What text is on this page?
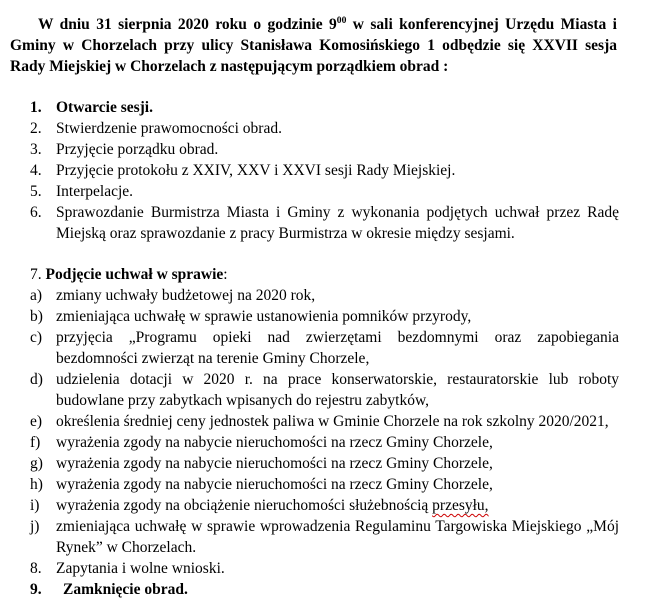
W dniu 31 sierpnia 2020 roku o godzinie $9^{00}$ w sali konferencyjnej Urzędu Miasta i Gminy w Chorzelach przy ulicy Stanisława Komosińskiego 1 odbędzie się XXVII sesja Rady Miejskiej w Chorzelach z następującym porządkiem obrad :

1. Otwarcie sesji.
2. Stwierdzenie prawomocności obrad.
3. Przyjęcie porządku obrad.
4. Przyjęcie protokołu z XXIV, XXV i XXVI sesji Rady Miejskiej.
5. Interpelacje.
6. Sprawozdanie Burmistrza Miasta i Gminy z wykonania podjętych uchwał przez Radę Miejską oraz sprawozdanie z pracy Burmistrza w okresie między sesjami.

7. Podjęcie uchwał w sprawie:

a) zmiany uchwały budżetowej na 2020 rok,
b) zmieniająca uchwałę w sprawie ustanowienia pomników przyrody,
c) przyjęcia „Programu opieki nad zwierzętami bezdomnymi oraz zapobiegania bezdomności zwierząt na terenie Gminy Chorzele,
d) udzielenia dotacji w 2020 r. na prace konserwatorskie, restauratorskie lub roboty budowlane przy zabytkach wpisanych do rejestru zabytków,
e) określenia średniej ceny jednostek paliwa w Gminie Chorzele na rok szkolny 2020/2021,
f)	wyrażenia zgody na nabycie nieruchomości na rzecz Gminy Chorzele,
g) wyrażenia zgody na nabycie nieruchomości na rzecz Gminy Chorzele,
h) wyrażenia zgody na nabycie nieruchomości na rzecz Gminy Chorzele,
i)	wyrażenia zgody na obciążenie nieruchomości służebnością przesyłu,
j)	zmieniająca uchwałę w sprawie wprowadzenia Regulaminu Targowiska Miejskiego „Mój Rynek” w Chorzelach.
8. Zapytania i wolne wnioski.
9.	Zamknięcie obrad.
